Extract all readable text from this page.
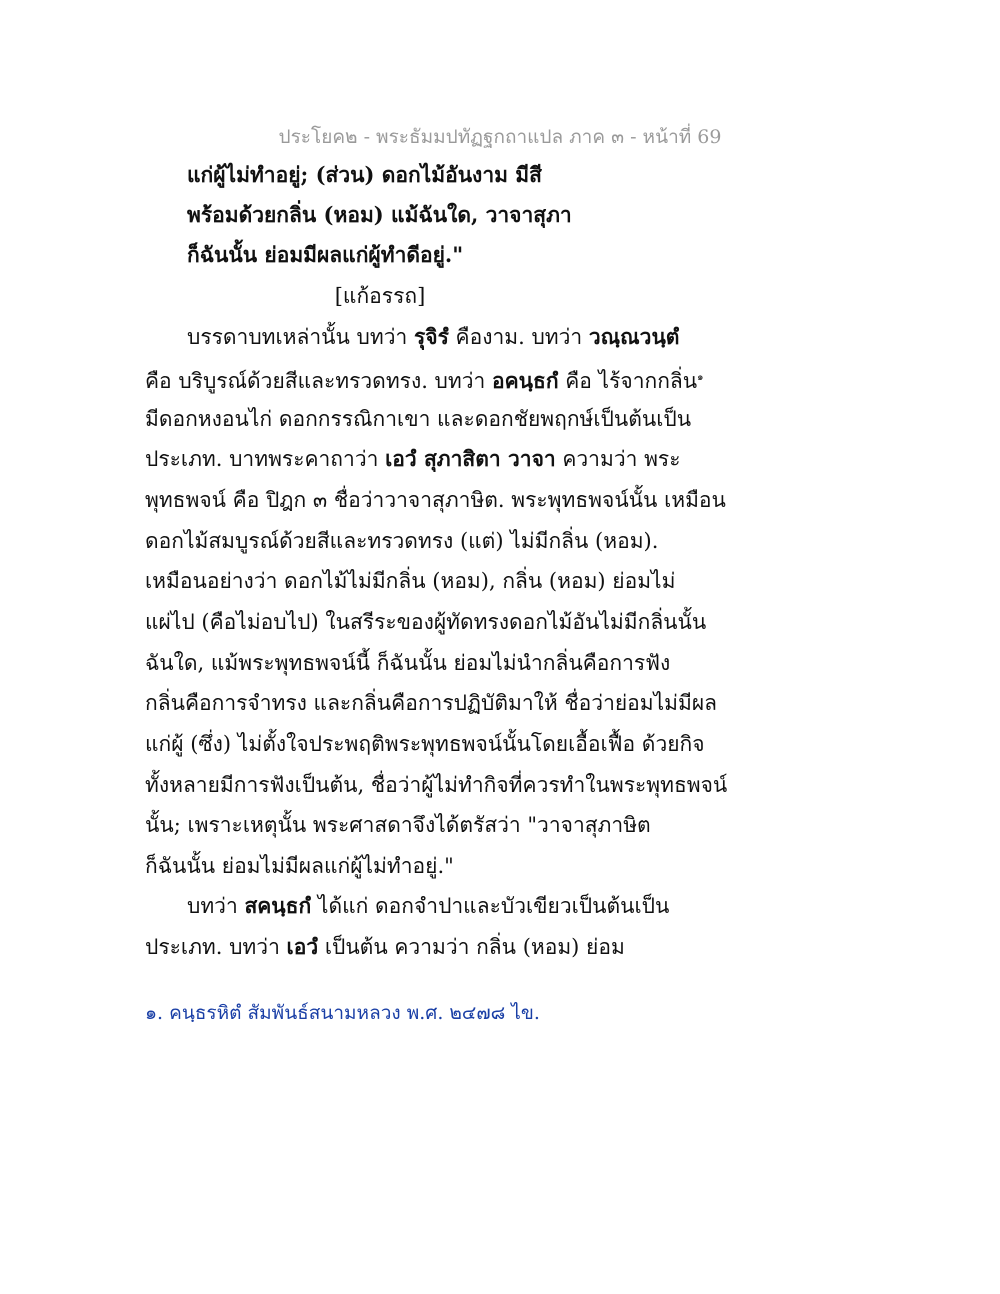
ประโยค๒ - พระธัมมปทัฏฐกถาแปล ภาค ๓ - หน้าที่ 69
แก่ผู้ไม่ทำอยู่; (ส่วน) ดอกไม้อันงาม มีสี
พร้อมด้วยกลิ่น (หอม) แม้ฉันใด, วาจาสุภา
ก็ฉันนั้น ย่อมมีผลแก่ผู้ทำดีอยู่."
[แก้อรรถ]
บรรดาบทเหล่านั้น บทว่า รุจิรํ คืองาม. บทว่า วณฺณวนฺตํ
คือ บริบูรณ์ด้วยสีและทรวดทรง. บทว่า อคนฺธกํ คือ ไร้จากกลิ่น$^๑$
มีดอกหงอนไก่ ดอกกรรณิกาเขา และดอกชัยพฤกษ์เป็นต้นเป็น
ประเภท. บาทพระคาถาว่า เอวํ สุภาสิตา วาจา ความว่า พระ
พุทธพจน์ คือ ปิฎก ๓ ชื่อว่าวาจาสุภาษิต. พระพุทธพจน์นั้น เหมือน
ดอกไม้สมบูรณ์ด้วยสีและทรวดทรง (แต่) ไม่มีกลิ่น (หอม).
เหมือนอย่างว่า ดอกไม้ไม่มีกลิ่น (หอม), กลิ่น (หอม) ย่อมไม่
แผ่ไป (คือไม่อบไป) ในสรีระของผู้ทัดทรงดอกไม้อันไม่มีกลิ่นนั้น
ฉันใด, แม้พระพุทธพจน์นี้ ก็ฉันนั้น ย่อมไม่นำกลิ่นคือการฟัง
กลิ่นคือการจำทรง และกลิ่นคือการปฏิบัติมาให้ ชื่อว่าย่อมไม่มีผล
แก่ผู้ (ซึ่ง) ไม่ตั้งใจประพฤติพระพุทธพจน์นั้นโดยเอื้อเฟื้อ ด้วยกิจ
ทั้งหลายมีการฟังเป็นต้น, ชื่อว่าผู้ไม่ทำกิจที่ควรทำในพระพุทธพจน์
นั้น; เพราะเหตุนั้น พระศาสดาจึงได้ตรัสว่า "วาจาสุภาษิต
ก็ฉันนั้น ย่อมไม่มีผลแก่ผู้ไม่ทำอยู่."
บทว่า สคนฺธกํ ได้แก่ ดอกจำปาและบัวเขียวเป็นต้นเป็น
ประเภท. บทว่า เอวํ เป็นต้น ความว่า กลิ่น (หอม) ย่อม
๑. คนฺธรหิตํ สัมพันธ์สนามหลวง พ.ศ. ๒๔๗๘ ไข.
